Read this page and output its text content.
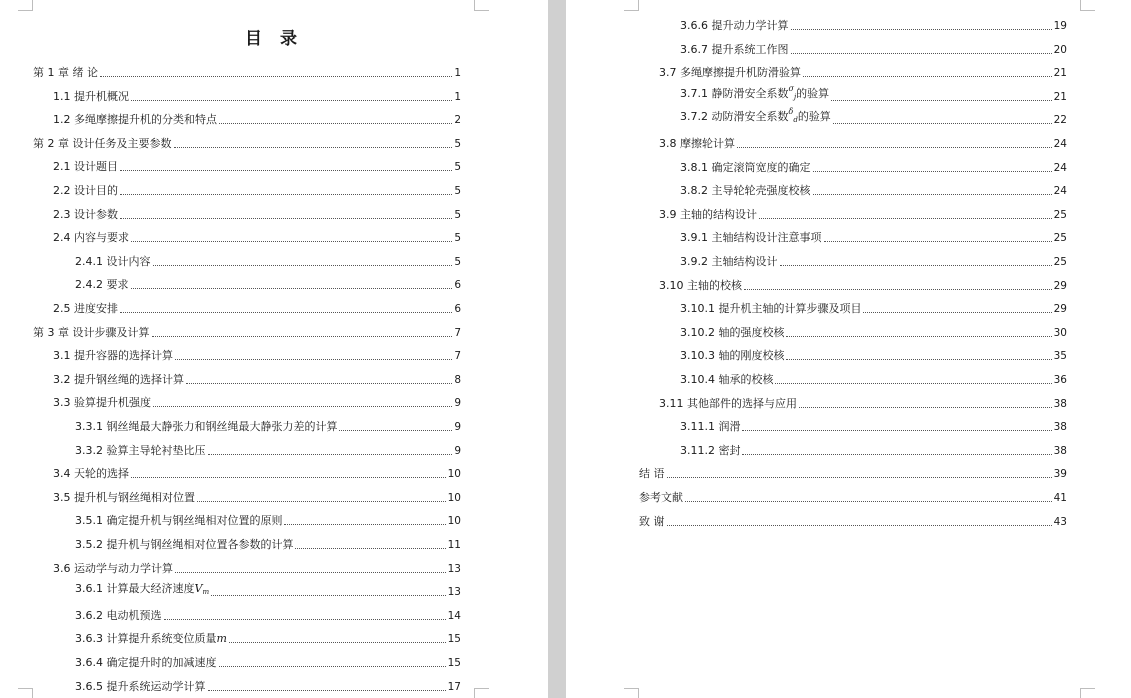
目 录
第 1 章 绪 论	1
1.1 提升机概况	1
1.2 多绳摩擦提升机的分类和特点	2
第 2 章 设计任务及主要参数	5
2.1 设计题目	5
2.2 设计目的	5
2.3 设计参数	5
2.4 内容与要求	5
2.4.1 设计内容	5
2.4.2 要求	6
2.5 进度安排	6
第 3 章 设计步骤及计算	7
3.1 提升容器的选择计算	7
3.2 提升钢丝绳的选择计算	8
3.3 验算提升机强度	9
3.3.1 钢丝绳最大静张力和钢丝绳最大静张力差的计算	9
3.3.2 验算主导轮衬垫比压	9
3.4 天轮的选择	10
3.5 提升机与钢丝绳相对位置	10
3.5.1 确定提升机与钢丝绳相对位置的原则	10
3.5.2 提升机与钢丝绳相对位置各参数的计算	11
3.6 运动学与动力学计算	13
3.6.1 计算最大经济速度Vm	13
3.6.2 电动机预选	14
3.6.3 计算提升系统变位质量m	15
3.6.4 确定提升时的加减速度	15
3.6.5 提升系统运动学计算	17
3.6.6 提升动力学计算	19
3.6.7 提升系统工作图	20
3.7 多绳摩擦提升机防滑验算	21
3.7.1 静防滑安全系数$^\sigma$j的验算	21
3.7.2 动防滑安全系数$^\delta$d的验算	22
3.8 摩擦轮计算	24
3.8.1 确定滚筒宽度的确定	24
3.8.2 主导轮轮壳强度校核	24
3.9 主轴的结构设计	25
3.9.1 主轴结构设计注意事项	25
3.9.2 主轴结构设计	25
3.10 主轴的校核	29
3.10.1 提升机主轴的计算步骤及项目	29
3.10.2 轴的强度校核	30
3.10.3 轴的刚度校核	35
3.10.4 轴承的校核	36
3.11 其他部件的选择与应用	38
3.11.1 润滑	38
3.11.2 密封	38
结 语	39
参考文献	41
致 谢	43
